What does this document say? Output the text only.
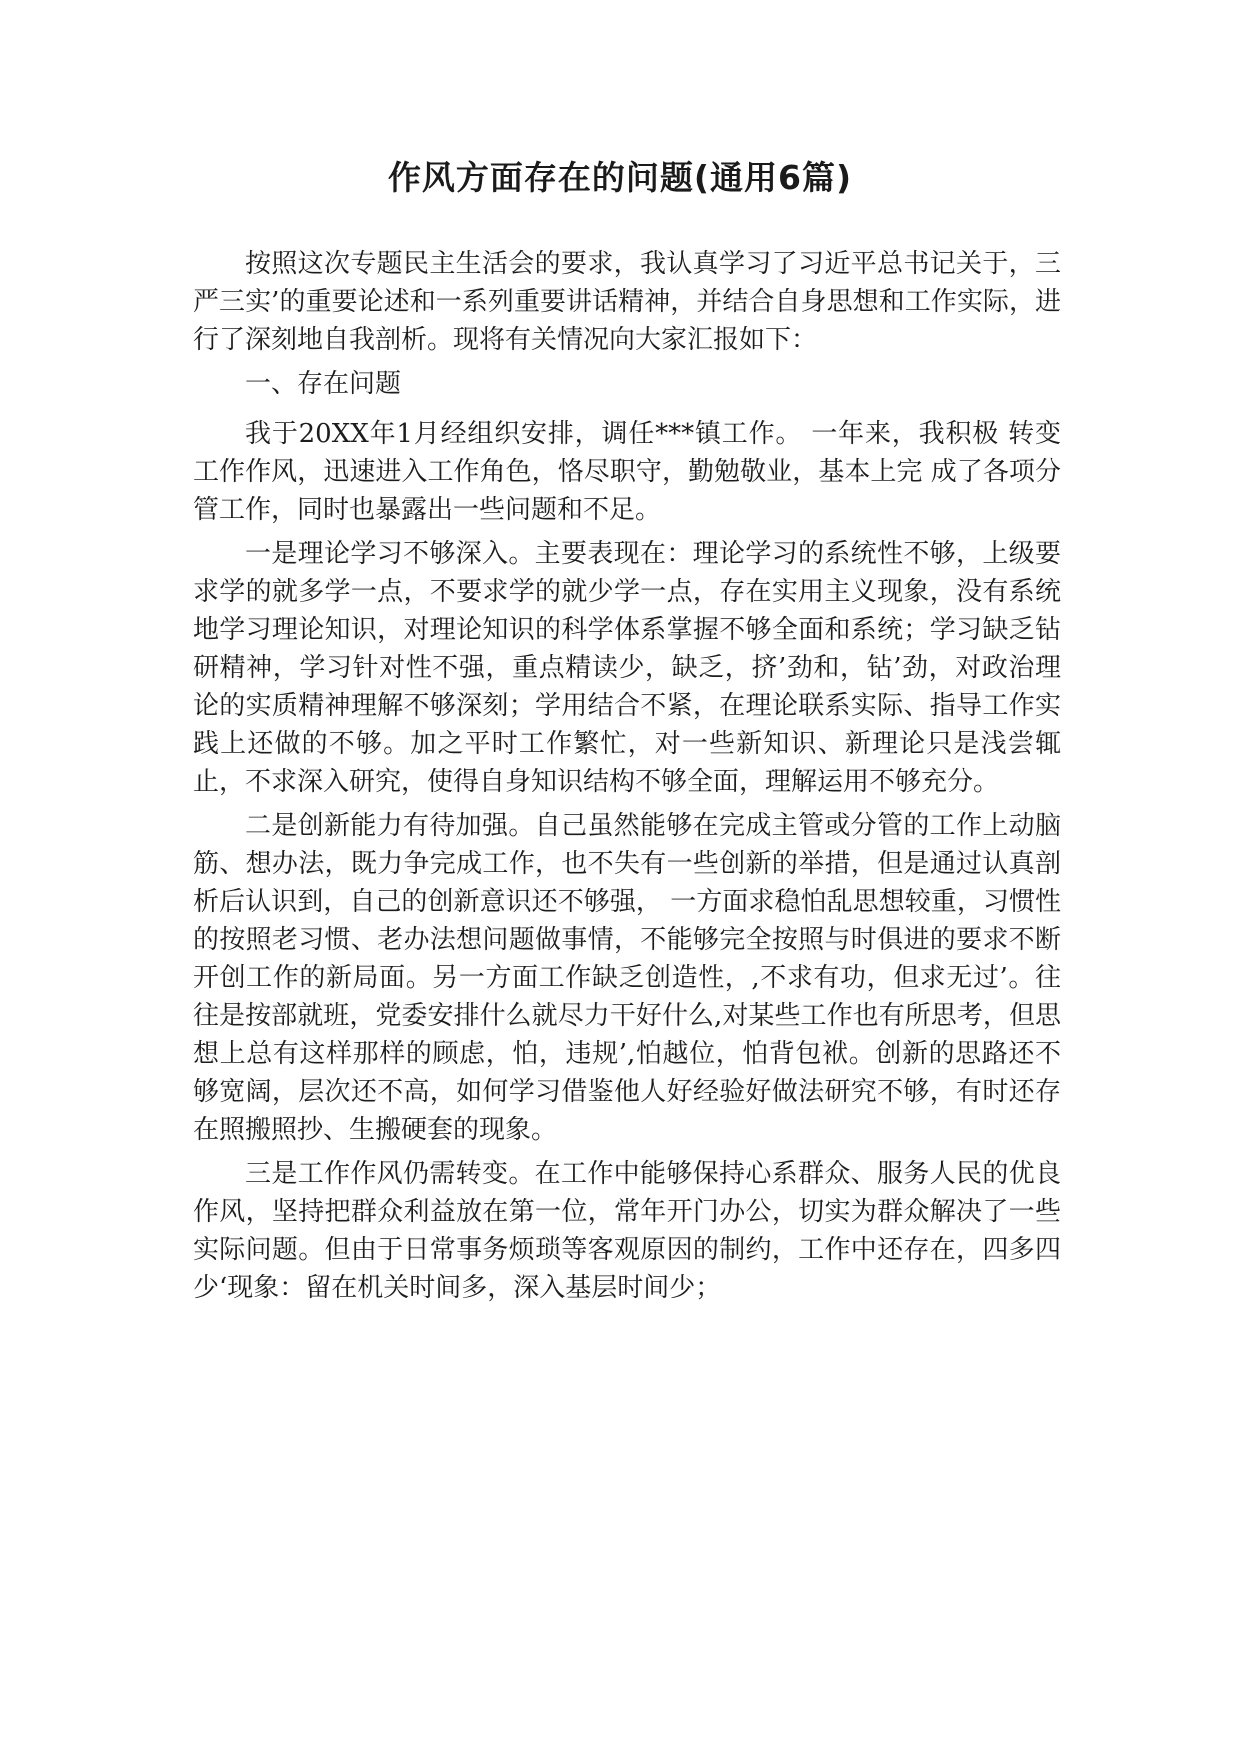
作风方面存在的问题(通用6篇)

按照这次专题民主生活会的要求，我认真学习了习近平总书记关于，三严三实’的重要论述和一系列重要讲话精神，并结合自身思想和工作实际，进行了深刻地自我剖析。现将有关情况向大家汇报如下：

一、存在问题

我于20XX年1月经组织安排，调任***镇工作。 一年来，我积极 转变工作作风，迅速进入工作角色，恪尽职守，勤勉敬业，基本上完 成了各项分管工作，同时也暴露出一些问题和不足。

一是理论学习不够深入。主要表现在：理论学习的系统性不够，上级要求学的就多学一点，不要求学的就少学一点，存在实用主义现象，没有系统地学习理论知识，对理论知识的科学体系掌握不够全面和系统；学习缺乏钻研精神，学习针对性不强，重点精读少，缺乏，挤’劲和，钻’劲，对政治理论的实质精神理解不够深刻；学用结合不紧，在理论联系实际、指导工作实践上还做的不够。加之平时工作繁忙，对一些新知识、新理论只是浅尝辄止，不求深入研究，使得自身知识结构不够全面，理解运用不够充分。

二是创新能力有待加强。自己虽然能够在完成主管或分管的工作上动脑筋、想办法，既力争完成工作，也不失有一些创新的举措，但是通过认真剖析后认识到，自己的创新意识还不够强， 一方面求稳怕乱思想较重，习惯性的按照老习惯、老办法想问题做事情，不能够完全按照与时俱进的要求不断开创工作的新局面。另一方面工作缺乏创造性，,不求有功，但求无过’。往往是按部就班，党委安排什么就尽力干好什么,对某些工作也有所思考，但思想上总有这样那样的顾虑，怕，违规’,怕越位，怕背包袱。创新的思路还不够宽阔，层次还不高，如何学习借鉴他人好经验好做法研究不够，有时还存在照搬照抄、生搬硬套的现象。

三是工作作风仍需转变。在工作中能够保持心系群众、服务人民的优良作风，坚持把群众利益放在第一位，常年开门办公，切实为群众解决了一些实际问题。但由于日常事务烦琐等客观原因的制约，工作中还存在，四多四少‘现象：留在机关时间多，深入基层时间少；
